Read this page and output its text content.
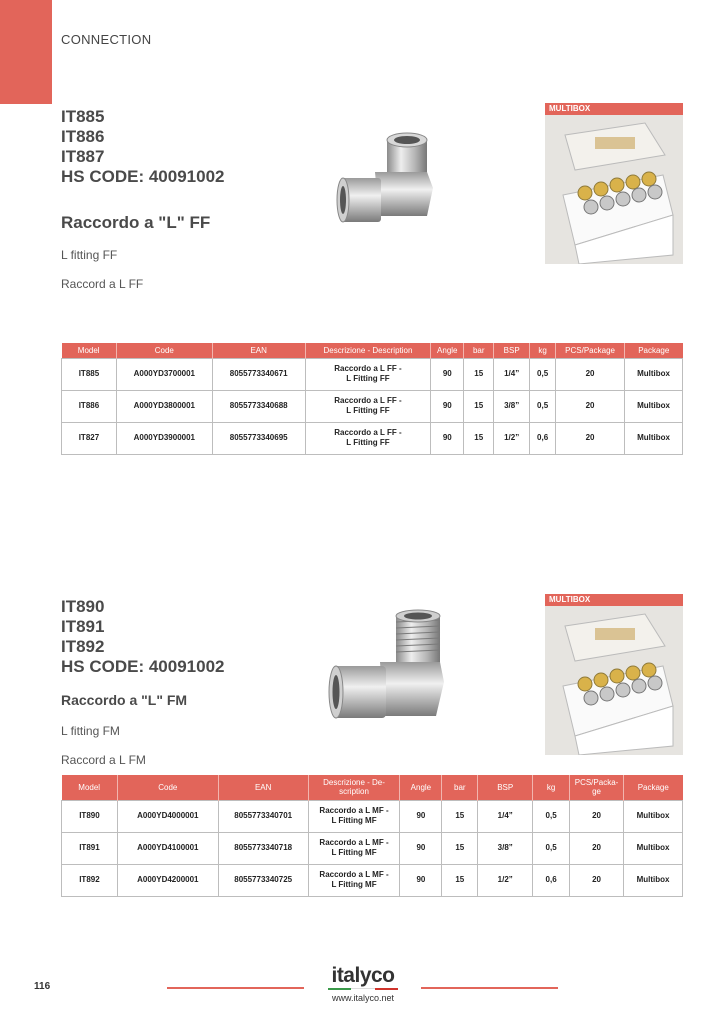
CONNECTION
IT885
IT886
IT887
HS CODE: 40091002
Raccordo a "L" FF
L fitting FF
Raccord a L FF
MULTIBOX
Model	Code	EAN	Descrizione - Description	Angle	bar	BSP	kg	PCS/Package	Package
IT885	A000YD3700001	8055773340671	Raccordo a L FF -
L Fitting FF	90	15	1/4”	0,5	20	Multibox
IT886	A000YD3800001	8055773340688	Raccordo a L FF -
L Fitting FF	90	15	3/8”	0,5	20	Multibox
IT827	A000YD3900001	8055773340695	Raccordo a L FF -
L Fitting FF	90	15	1/2”	0,6	20	Multibox
IT890
IT891
IT892
HS CODE: 40091002
Raccordo a "L" FM
L fitting FM
Raccord a L FM
MULTIBOX
Model	Code	EAN	Descrizione - De-
scription	Angle	bar	BSP	kg	PCS/Packa-
ge	Package
IT890	A000YD4000001	8055773340701	Raccordo a L MF -
L Fitting MF	90	15	1/4”	0,5	20	Multibox
IT891	A000YD4100001	8055773340718	Raccordo a L MF -
L Fitting MF	90	15	3/8”	0,5	20	Multibox
IT892	A000YD4200001	8055773340725	Raccordo a L MF -
L Fitting MF	90	15	1/2”	0,6	20	Multibox
116	italyco
www.italyco.net
